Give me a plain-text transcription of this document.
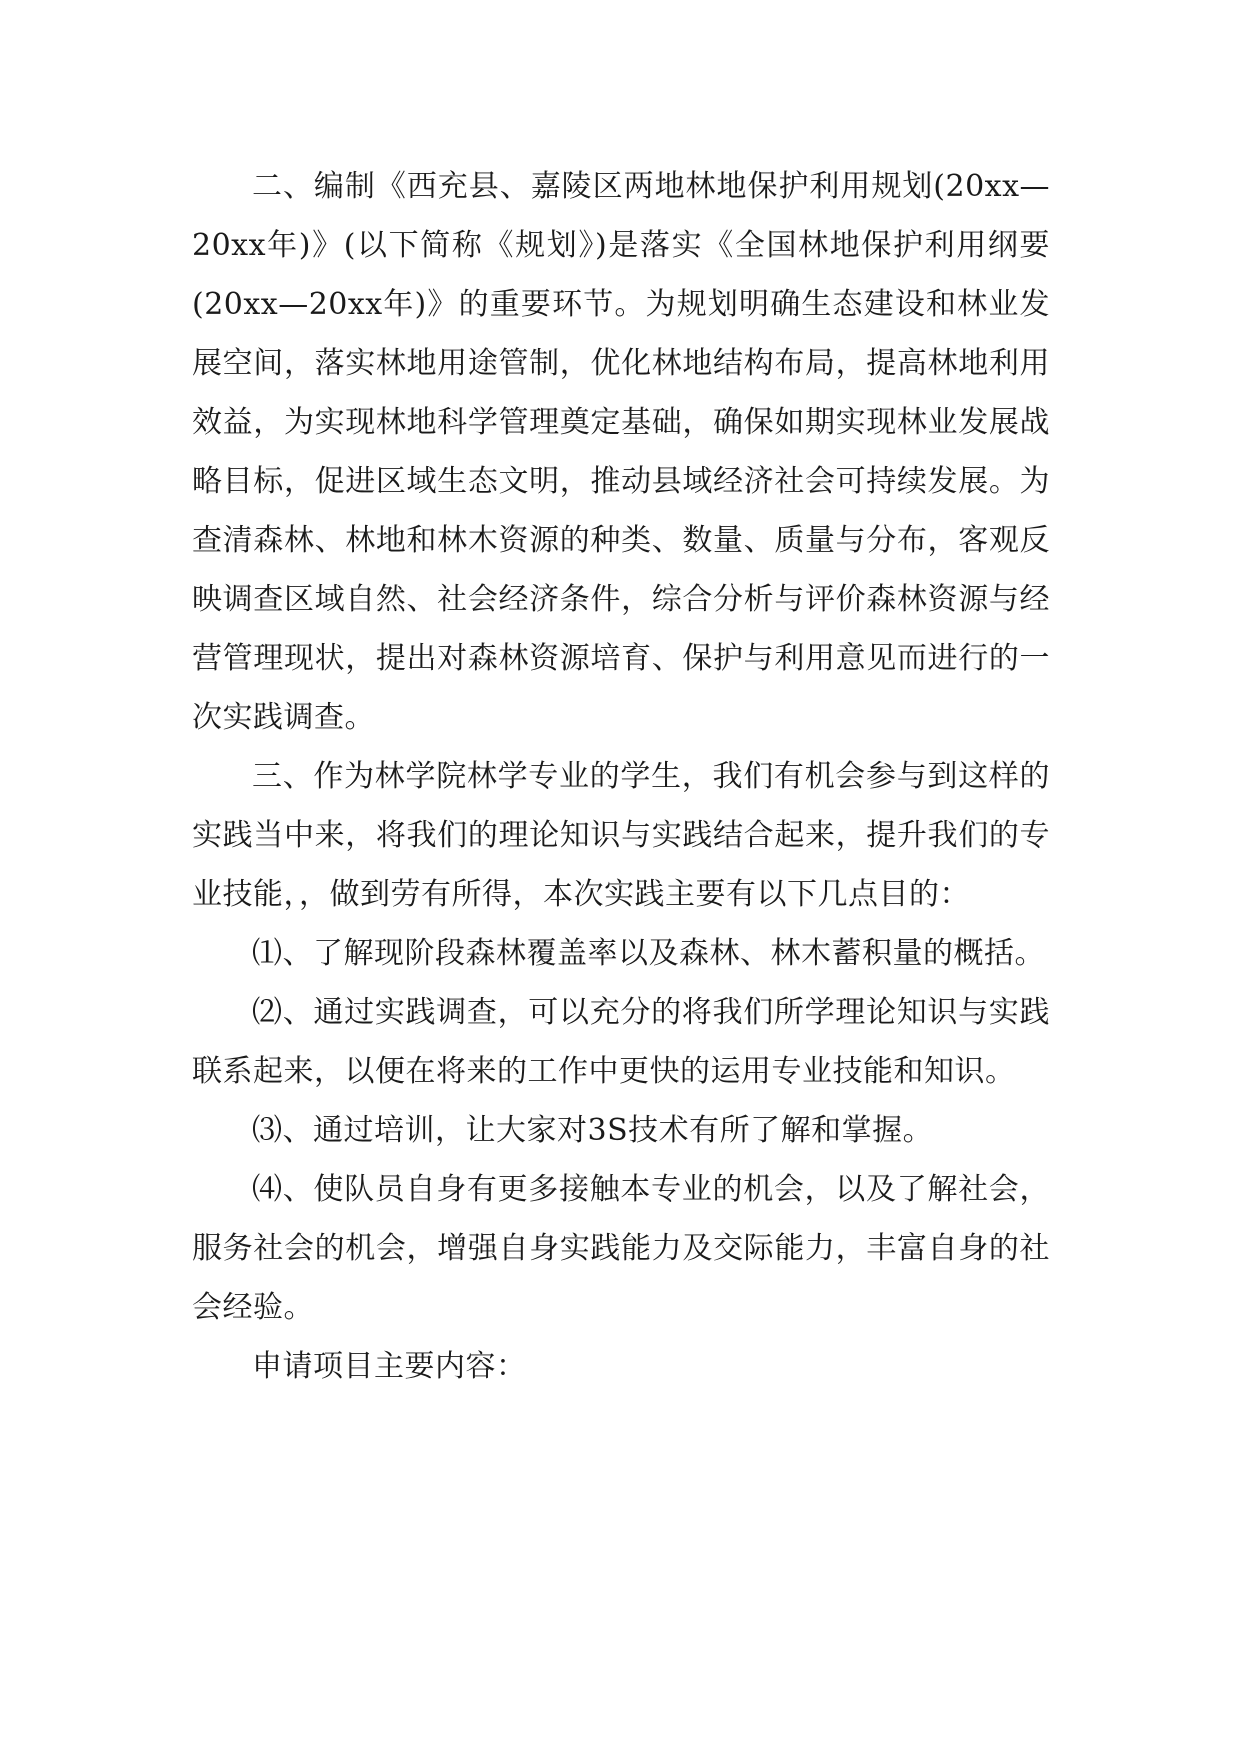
二、编制《西充县、嘉陵区两地林地保护利用规划(20xx—20xx年)》(以下简称《规划》)是落实《全国林地保护利用纲要(20xx—20xx年)》的重要环节。为规划明确生态建设和林业发展空间，落实林地用途管制，优化林地结构布局，提高林地利用效益，为实现林地科学管理奠定基础，确保如期实现林业发展战略目标，促进区域生态文明，推动县域经济社会可持续发展。为查清森林、林地和林木资源的种类、数量、质量与分布，客观反映调查区域自然、社会经济条件，综合分析与评价森林资源与经营管理现状，提出对森林资源培育、保护与利用意见而进行的一次实践调查。

三、作为林学院林学专业的学生，我们有机会参与到这样的实践当中来，将我们的理论知识与实践结合起来，提升我们的专业技能，，做到劳有所得，本次实践主要有以下几点目的：

⑴、了解现阶段森林覆盖率以及森林、林木蓄积量的概括。

⑵、通过实践调查，可以充分的将我们所学理论知识与实践联系起来，以便在将来的工作中更快的运用专业技能和知识。

⑶、通过培训，让大家对3S技术有所了解和掌握。

⑷、使队员自身有更多接触本专业的机会，以及了解社会，服务社会的机会，增强自身实践能力及交际能力，丰富自身的社会经验。

申请项目主要内容：
